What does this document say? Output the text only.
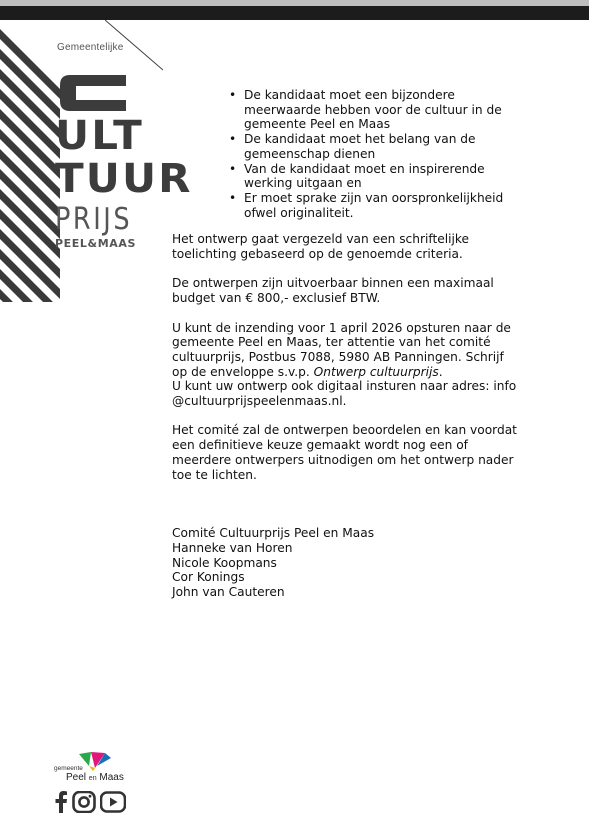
Gemeentelijke
ULT
TUUR
PRIJS
PEEL&MAAS
• De kandidaat moet een bijzondere meerwaarde hebben voor de cultuur in de gemeente Peel en Maas
• De kandidaat moet het belang van de gemeenschap dienen
• Van de kandidaat moet en inspirerende werking uitgaan en
• Er moet sprake zijn van oorspronkelijkheid ofwel originaliteit.

Het ontwerp gaat vergezeld van een schriftelijke toelichting gebaseerd op de genoemde criteria.

De ontwerpen zijn uitvoerbaar binnen een maximaal budget van € 800,- exclusief BTW.

U kunt de inzending voor 1 april 2026 opsturen naar de gemeente Peel en Maas, ter attentie van het comité cultuurprijs, Postbus 7088, 5980 AB Panningen. Schrijf op de enveloppe s.v.p. Ontwerp cultuurprijs.
U kunt uw ontwerp ook digitaal insturen naar adres: info @cultuurprijspeelenmaas.nl.

Het comité zal de ontwerpen beoordelen en kan voordat een definitieve keuze gemaakt wordt nog een of meerdere ontwerpers uitnodigen om het ontwerp nader toe te lichten.

Comité Cultuurprijs Peel en Maas
Hanneke van Horen
Nicole Koopmans
Cor Konings
John van Cauteren
gemeente
Peel en Maas
